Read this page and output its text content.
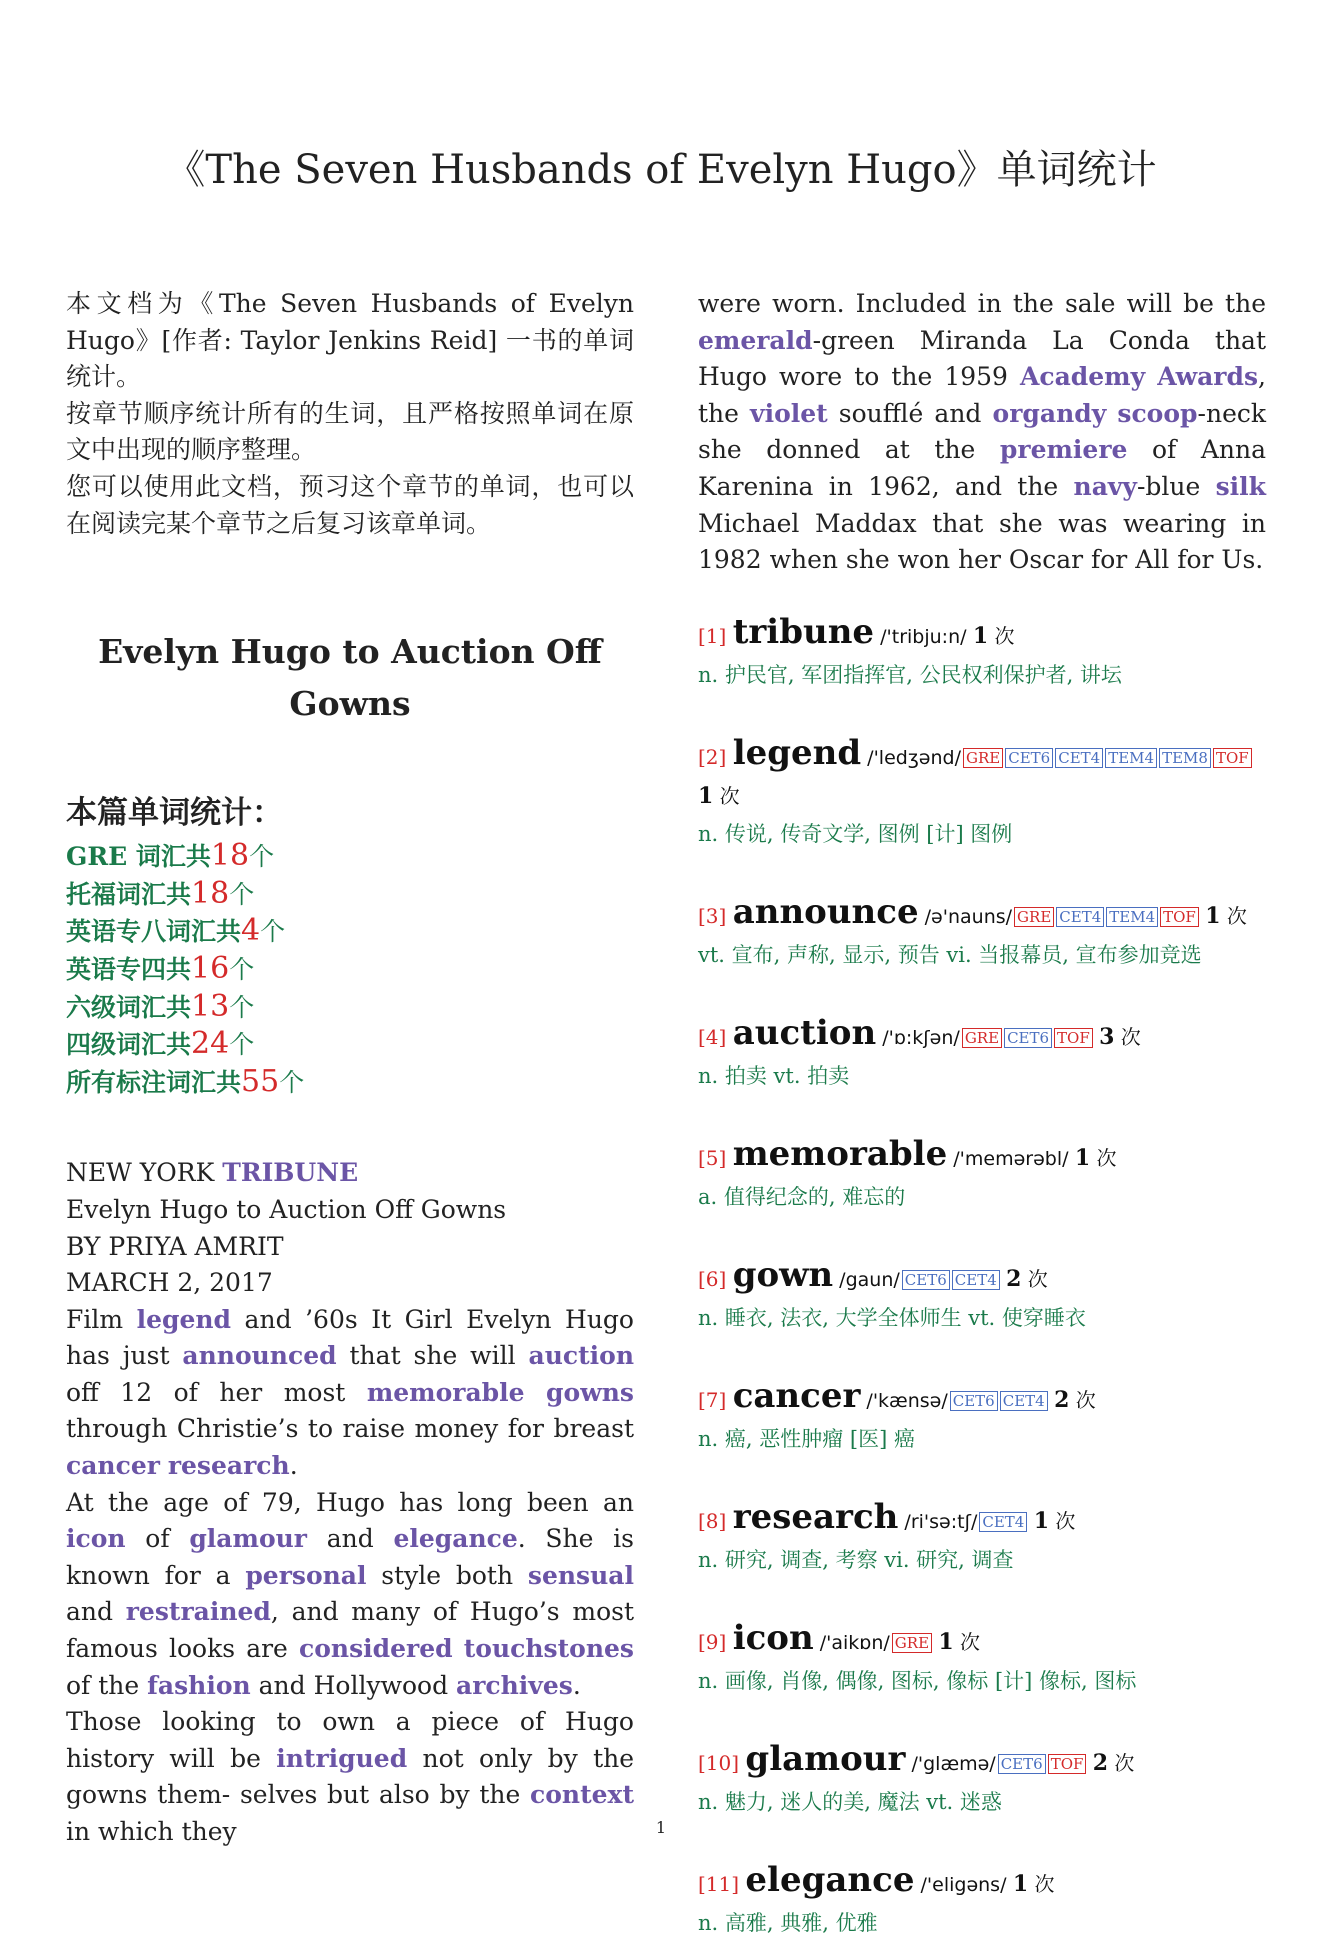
《The Seven Husbands of Evelyn Hugo》单词统计

本文档为《The Seven Husbands of Evelyn Hugo》[作者: Taylor Jenkins Reid] 一书的单词统计。

按章节顺序统计所有的生词，且严格按照单词在原文中出现的顺序整理。

您可以使用此文档，预习这个章节的单词，也可以在阅读完某个章节之后复习该章单词。

Evelyn Hugo to Auction Off Gowns
本篇单词统计：
GRE 词汇共18个
托福词汇共18个
英语专八词汇共4个
英语专四共16个
六级词汇共13个
四级词汇共24个
所有标注词汇共55个
NEW YORK TRIBUNE
Evelyn Hugo to Auction Off Gowns
BY PRIYA AMRIT
MARCH 2, 2017

Film legend and ’60s It Girl Evelyn Hugo has just announced that she will auction off 12 of her most memorable gowns through Christie’s to raise money for breast cancer research.

At the age of 79, Hugo has long been an icon of glamour and elegance. She is known for a personal style both sensual and restrained, and many of Hugo’s most famous looks are considered touchstones of the fashion and Hollywood archives.

Those looking to own a piece of Hugo history will be intrigued not only by the gowns them- selves but also by the context in which they

were worn. Included in the sale will be the emerald-green Miranda La Conda that Hugo wore to the 1959 Academy Awards, the violet soufflé and organdy scoop-neck she donned at the premiere of Anna Karenina in 1962, and the navy-blue silk Michael Maddax that she was wearing in 1982 when she won her Oscar for All for Us.

[1] tribune /'tribju:n/ 1 次
n. 护民官, 军团指挥官, 公民权利保护者, 讲坛
[2] legend /'ledʒənd/ GRE CET6 CET4 TEM4 TEM8 TOF
1 次
n. 传说, 传奇文学, 图例 [计] 图例
[3] announce /ə'nauns/ GRE CET4 TEM4 TOF 1 次
vt. 宣布, 声称, 显示, 预告 vi. 当报幕员, 宣布参加竞选
[4] auction /'ɒ:kʃən/ GRE CET6 TOF 3 次
n. 拍卖 vt. 拍卖
[5] memorable /'memərəbl/ 1 次
a. 值得纪念的, 难忘的
[6] gown /gaun/ CET6 CET4 2 次
n. 睡衣, 法衣, 大学全体师生 vt. 使穿睡衣
[7] cancer /'kænsə/ CET6 CET4 2 次
n. 癌, 恶性肿瘤 [医] 癌
[8] research /ri'sə:tʃ/ CET4 1 次
n. 研究, 调查, 考察 vi. 研究, 调查
[9] icon /'aikɒn/ GRE 1 次
n. 画像, 肖像, 偶像, 图标, 像标 [计] 像标, 图标
[10] glamour /'glæmə/ CET6 TOF 2 次
n. 魅力, 迷人的美, 魔法 vt. 迷惑
[11] elegance /'eligəns/ 1 次
n. 高雅, 典雅, 优雅
1
